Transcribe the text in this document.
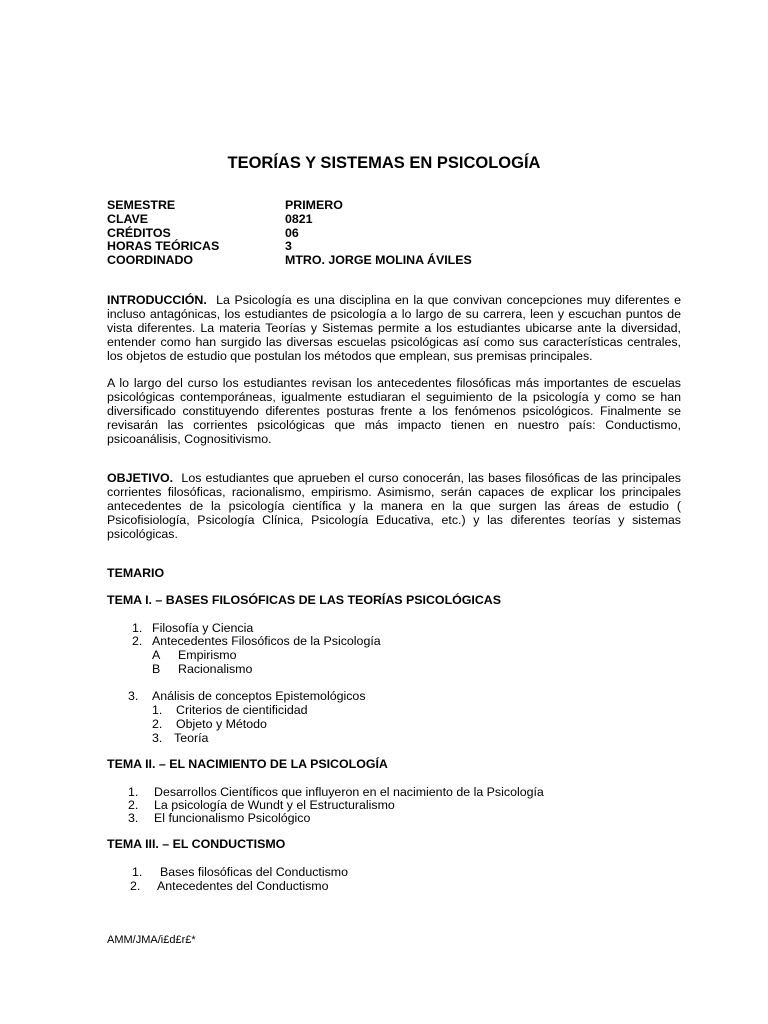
TEORÍAS Y SISTEMAS EN PSICOLOGÍA
SEMESTRE	PRIMERO
CLAVE	0821
CRÉDITOS	06
HORAS TEÓRICAS	3
COORDINADO	MTRO. JORGE MOLINA ÁVILES
INTRODUCCIÓN. La Psicología es una disciplina en la que convivan concepciones muy diferentes e incluso antagónicas, los estudiantes de psicología a lo largo de su carrera, leen y escuchan puntos de vista diferentes. La materia Teorías y Sistemas permite a los estudiantes ubicarse ante la diversidad, entender como han surgido las diversas escuelas psicológicas así como sus características centrales, los objetos de estudio que postulan los métodos que emplean, sus premisas principales.
A lo largo del curso los estudiantes revisan los antecedentes filosóficas más importantes de escuelas psicológicas contemporáneas, igualmente estudiaran el seguimiento de la psicología y como se han diversificado constituyendo diferentes posturas frente a los fenómenos psicológicos. Finalmente se revisarán las corrientes psicológicas que más impacto tienen en nuestro país: Conductismo, psicoanálisis, Cognositivismo.
OBJETIVO. Los estudiantes que aprueben el curso conocerán, las bases filosóficas de las principales corrientes filosóficas, racionalismo, empirismo. Asimismo, serán capaces de explicar los principales antecedentes de la psicología científica y la manera en la que surgen las áreas de estudio ( Psicofisiología, Psicología Clínica, Psicología Educativa, etc.) y las diferentes teorías y sistemas psicológicas.
TEMARIO
TEMA I. – BASES FILOSÓFICAS DE LAS TEORÍAS PSICOLÓGICAS
1. Filosofía y Ciencia
2. Antecedentes Filosóficos de la Psicología
A Empirismo
B Racionalismo
3. Análisis de conceptos Epistemológicos
1. Criterios de cientificidad
2. Objeto y Método
3. Teoría
TEMA II. – EL NACIMIENTO DE LA PSICOLOGÍA
1. Desarrollos Científicos que influyeron en el nacimiento de la Psicología
2. La psicología de Wundt y el Estructuralismo
3. El funcionalismo Psicológico
TEMA III. – EL CONDUCTISMO
1. Bases filosóficas del Conductismo
2. Antecedentes del Conductismo
AMM/JMA/i£d£r£*
